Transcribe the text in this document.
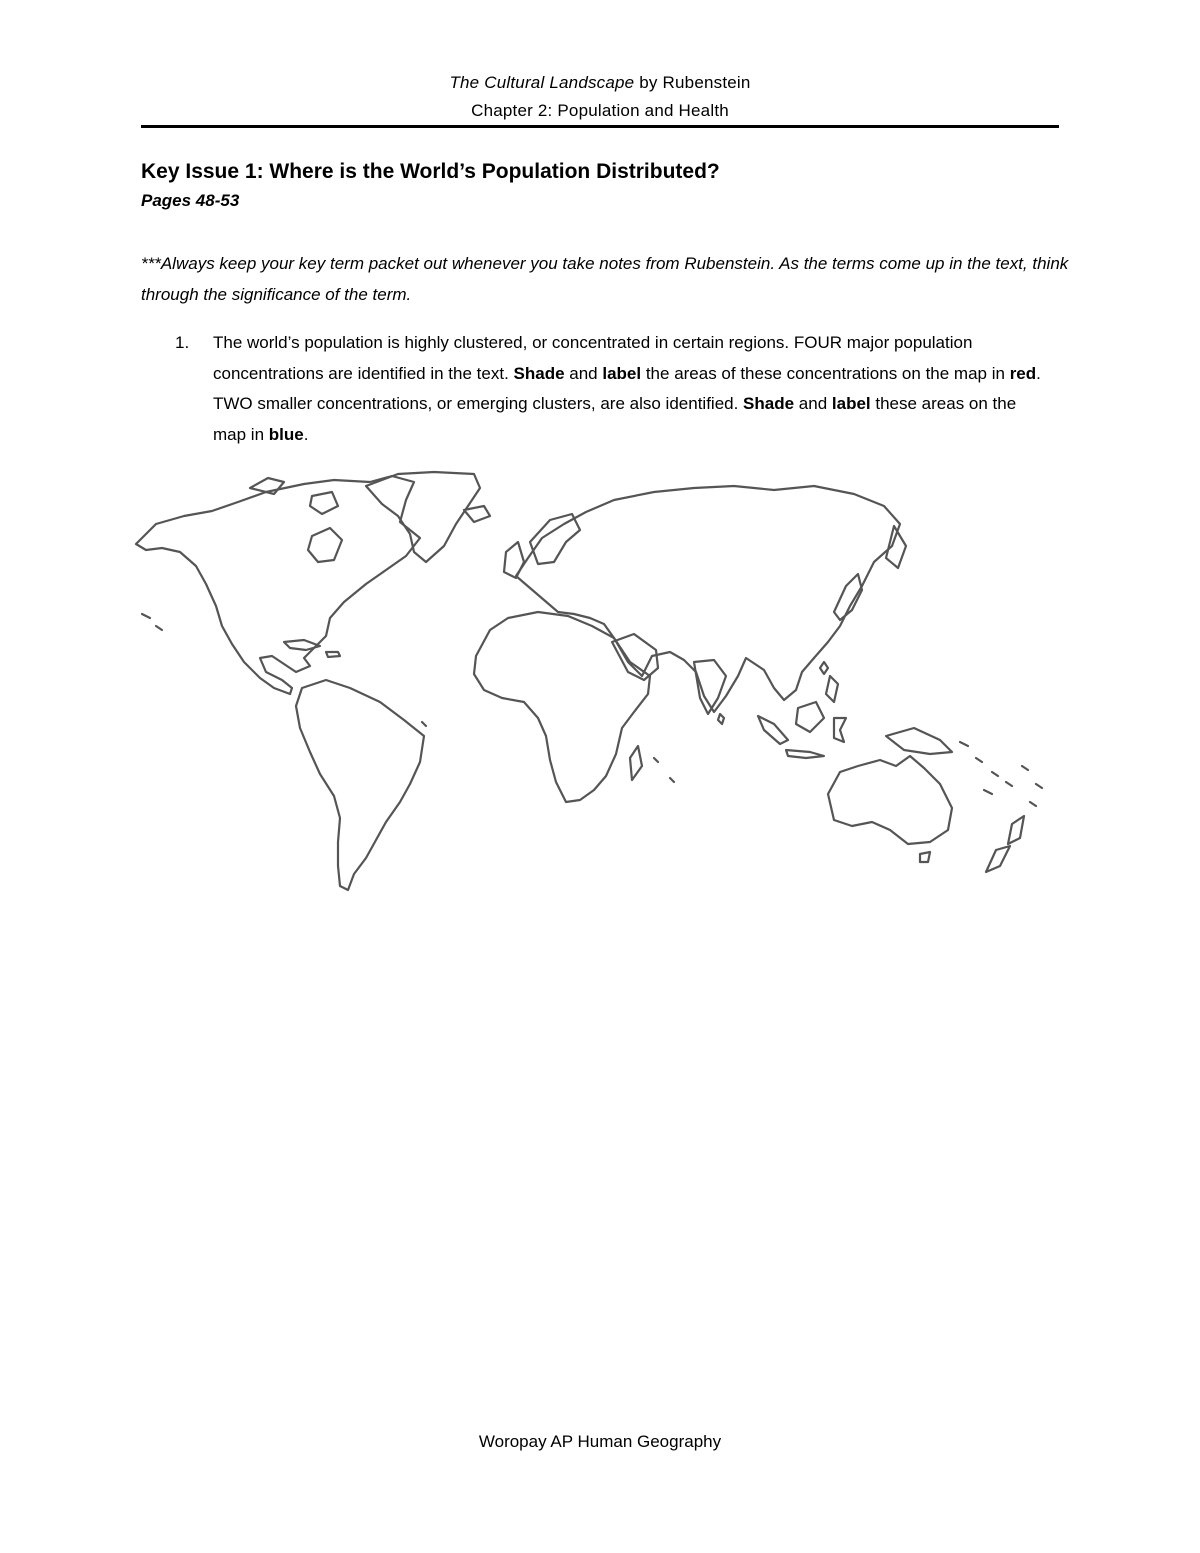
The Cultural Landscape by Rubenstein
Chapter 2: Population and Health
Key Issue 1: Where is the World’s Population Distributed?
Pages 48-53
***Always keep your key term packet out whenever you take notes from Rubenstein. As the terms come up in the text, think through the significance of the term.
1. The world’s population is highly clustered, or concentrated in certain regions. FOUR major population concentrations are identified in the text. Shade and label the areas of these concentrations on the map in red. TWO smaller concentrations, or emerging clusters, are also identified. Shade and label these areas on the map in blue.
Woropay AP Human Geography
